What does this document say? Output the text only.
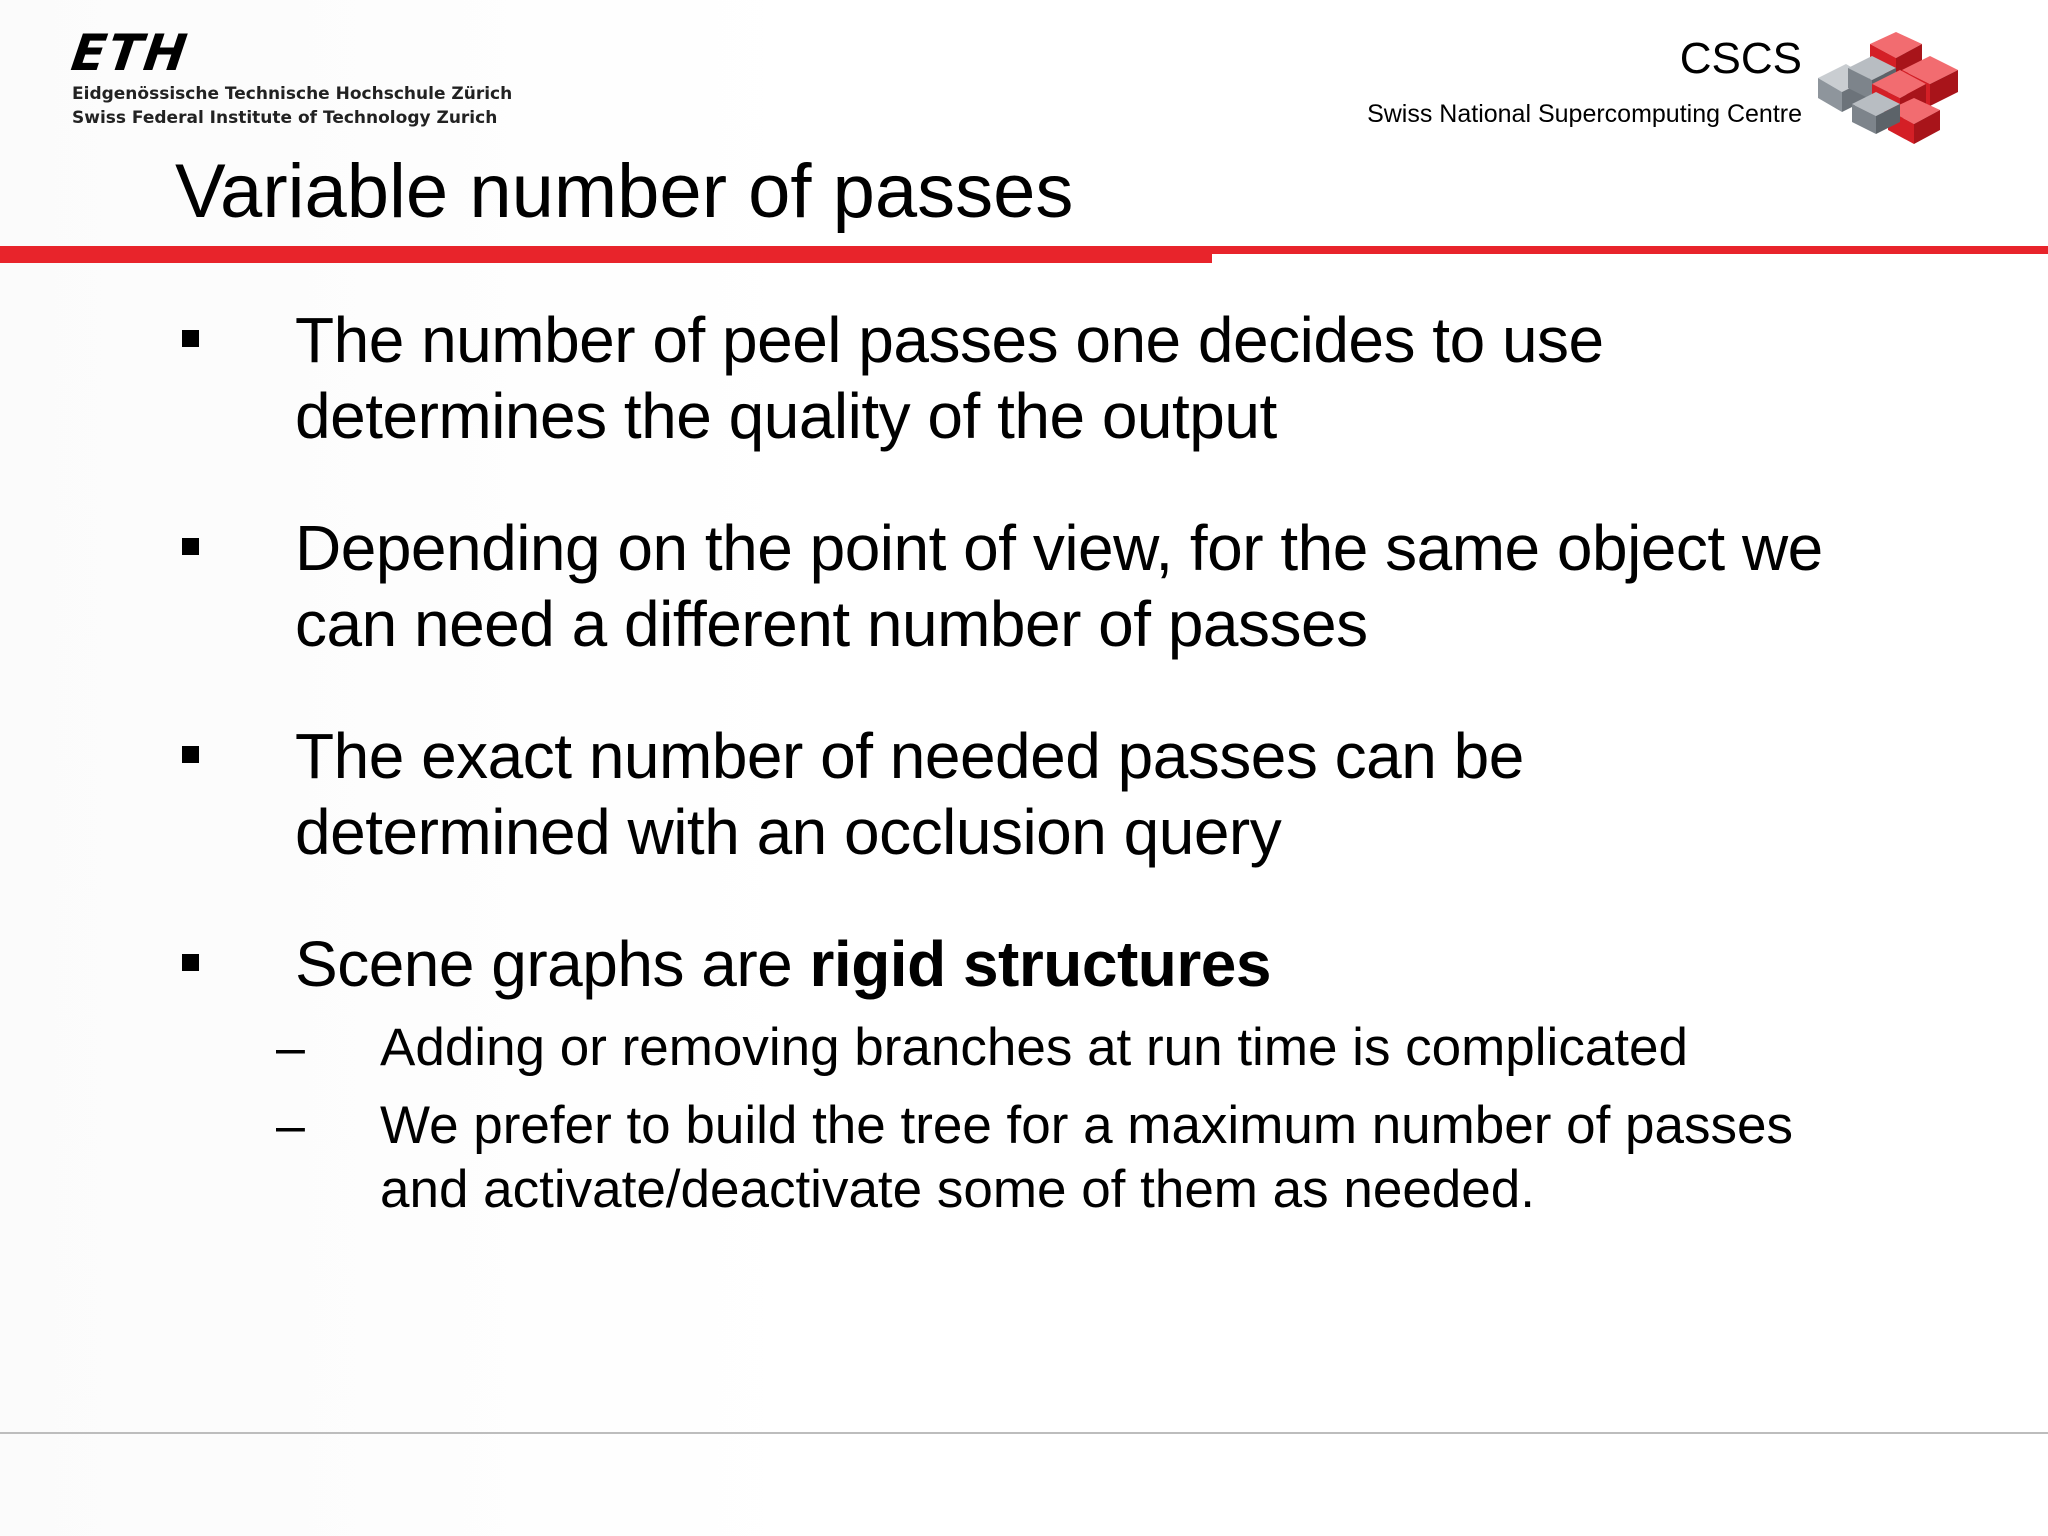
ETH
Eidgenössische Technische Hochschule Zürich
Swiss Federal Institute of Technology Zurich
CSCS
Swiss National Supercomputing Centre
Variable number of passes
The number of peel passes one decides to use determines the quality of the output
Depending on the point of view, for the same object we can need a different number of passes
The exact number of needed passes can be determined with an occlusion query
Scene graphs are rigid structures
– Adding or removing branches at run time is complicated
– We prefer to build the tree for a maximum number of passes and activate/deactivate some of them as needed.
